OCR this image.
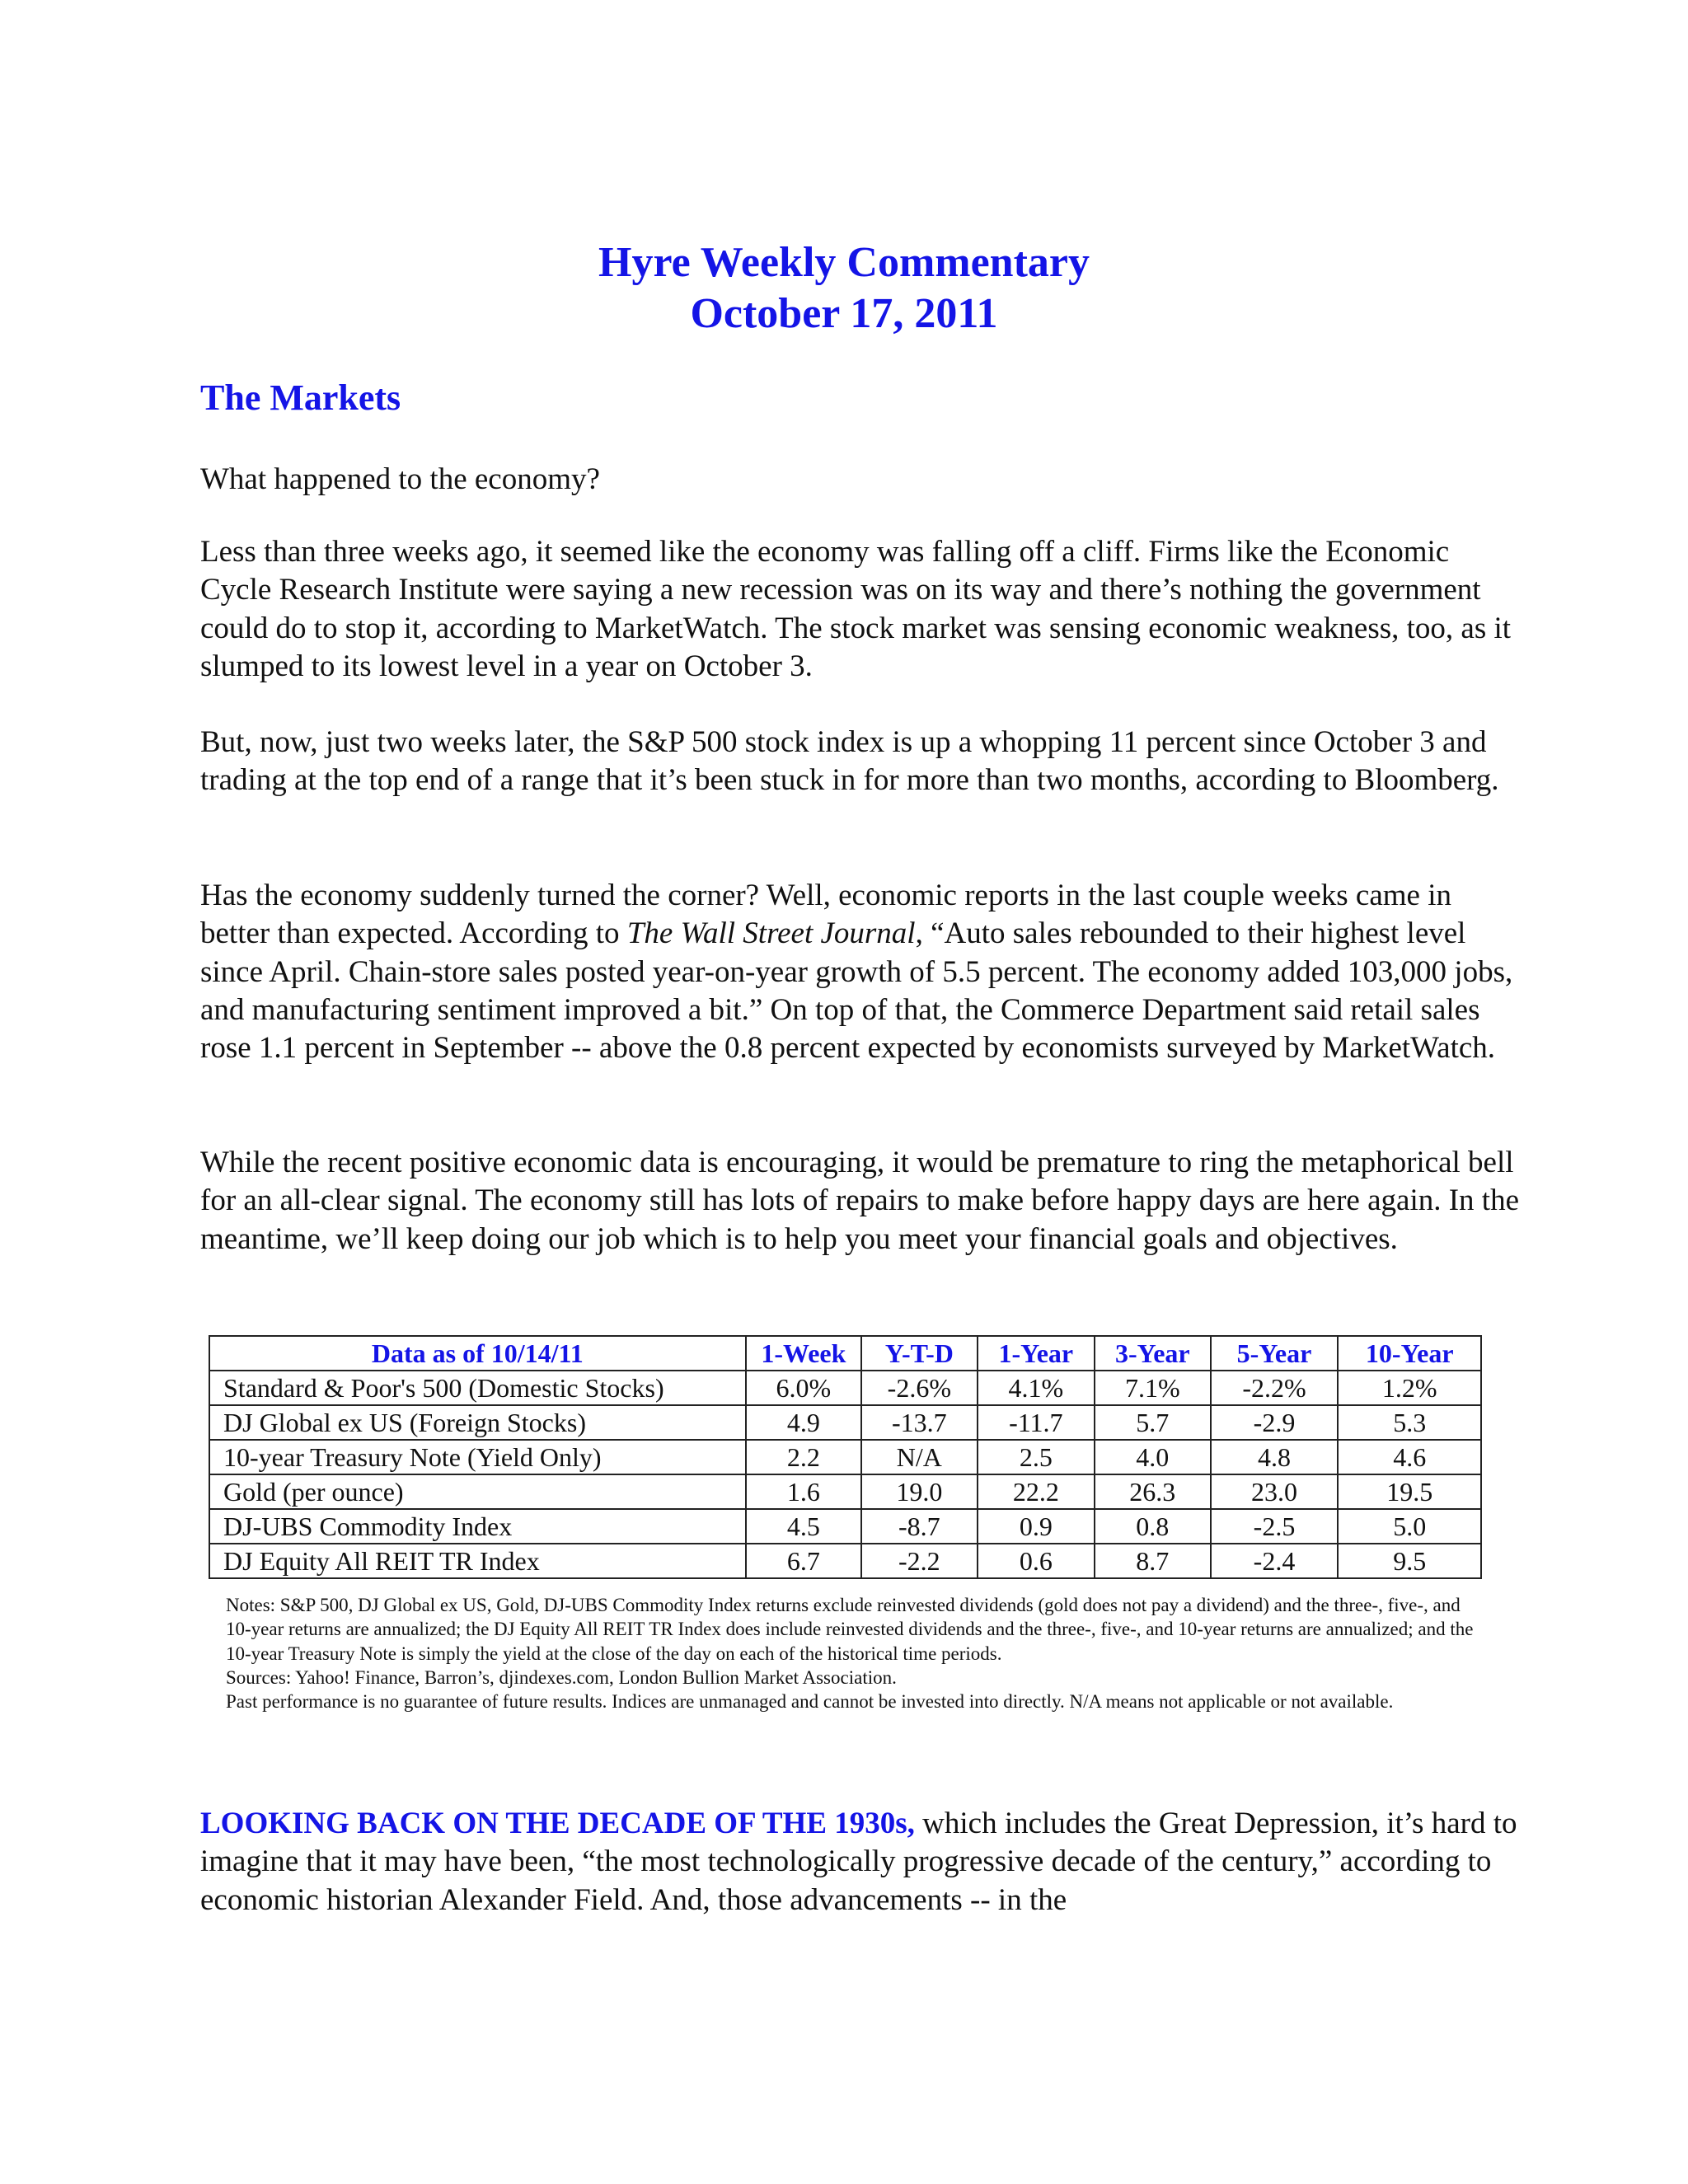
Hyre Weekly Commentary
October 17, 2011
The Markets

What happened to the economy?

Less than three weeks ago, it seemed like the economy was falling off a cliff. Firms like the Economic Cycle Research Institute were saying a new recession was on its way and there’s nothing the government could do to stop it, according to MarketWatch. The stock market was sensing economic weakness, too, as it slumped to its lowest level in a year on October 3.

But, now, just two weeks later, the S&P 500 stock index is up a whopping 11 percent since October 3 and trading at the top end of a range that it’s been stuck in for more than two months, according to Bloomberg.

Has the economy suddenly turned the corner? Well, economic reports in the last couple weeks came in better than expected. According to The Wall Street Journal, “Auto sales rebounded to their highest level since April. Chain-store sales posted year-on-year growth of 5.5 percent. The economy added 103,000 jobs, and manufacturing sentiment improved a bit.” On top of that, the Commerce Department said retail sales rose 1.1 percent in September -- above the 0.8 percent expected by economists surveyed by MarketWatch.

While the recent positive economic data is encouraging, it would be premature to ring the metaphorical bell for an all-clear signal. The economy still has lots of repairs to make before happy days are here again. In the meantime, we’ll keep doing our job which is to help you meet your financial goals and objectives.

Data as of 10/14/11	1-Week	Y-T-D	1-Year	3-Year	5-Year	10-Year
Standard & Poor's 500 (Domestic Stocks)	6.0%	-2.6%	4.1%	7.1%	-2.2%	1.2%
DJ Global ex US (Foreign Stocks)	4.9	-13.7	-11.7	5.7	-2.9	5.3
10-year Treasury Note (Yield Only)	2.2	N/A	2.5	4.0	4.8	4.6
Gold (per ounce)	1.6	19.0	22.2	26.3	23.0	19.5
DJ-UBS Commodity Index	4.5	-8.7	0.9	0.8	-2.5	5.0
DJ Equity All REIT TR Index	6.7	-2.2	0.6	8.7	-2.4	9.5

Notes: S&P 500, DJ Global ex US, Gold, DJ-UBS Commodity Index returns exclude reinvested dividends (gold does not pay a dividend) and the three-, five-, and 10-year returns are annualized; the DJ Equity All REIT TR Index does include reinvested dividends and the three-, five-, and 10-year returns are annualized; and the 10-year Treasury Note is simply the yield at the close of the day on each of the historical time periods.

Sources: Yahoo! Finance, Barron’s, djindexes.com, London Bullion Market Association.

Past performance is no guarantee of future results. Indices are unmanaged and cannot be invested into directly. N/A means not applicable or not available.

LOOKING BACK ON THE DECADE OF THE 1930s, which includes the Great Depression, it’s hard to imagine that it may have been, “the most technologically progressive decade of the century,” according to economic historian Alexander Field. And, those advancements -- in the
